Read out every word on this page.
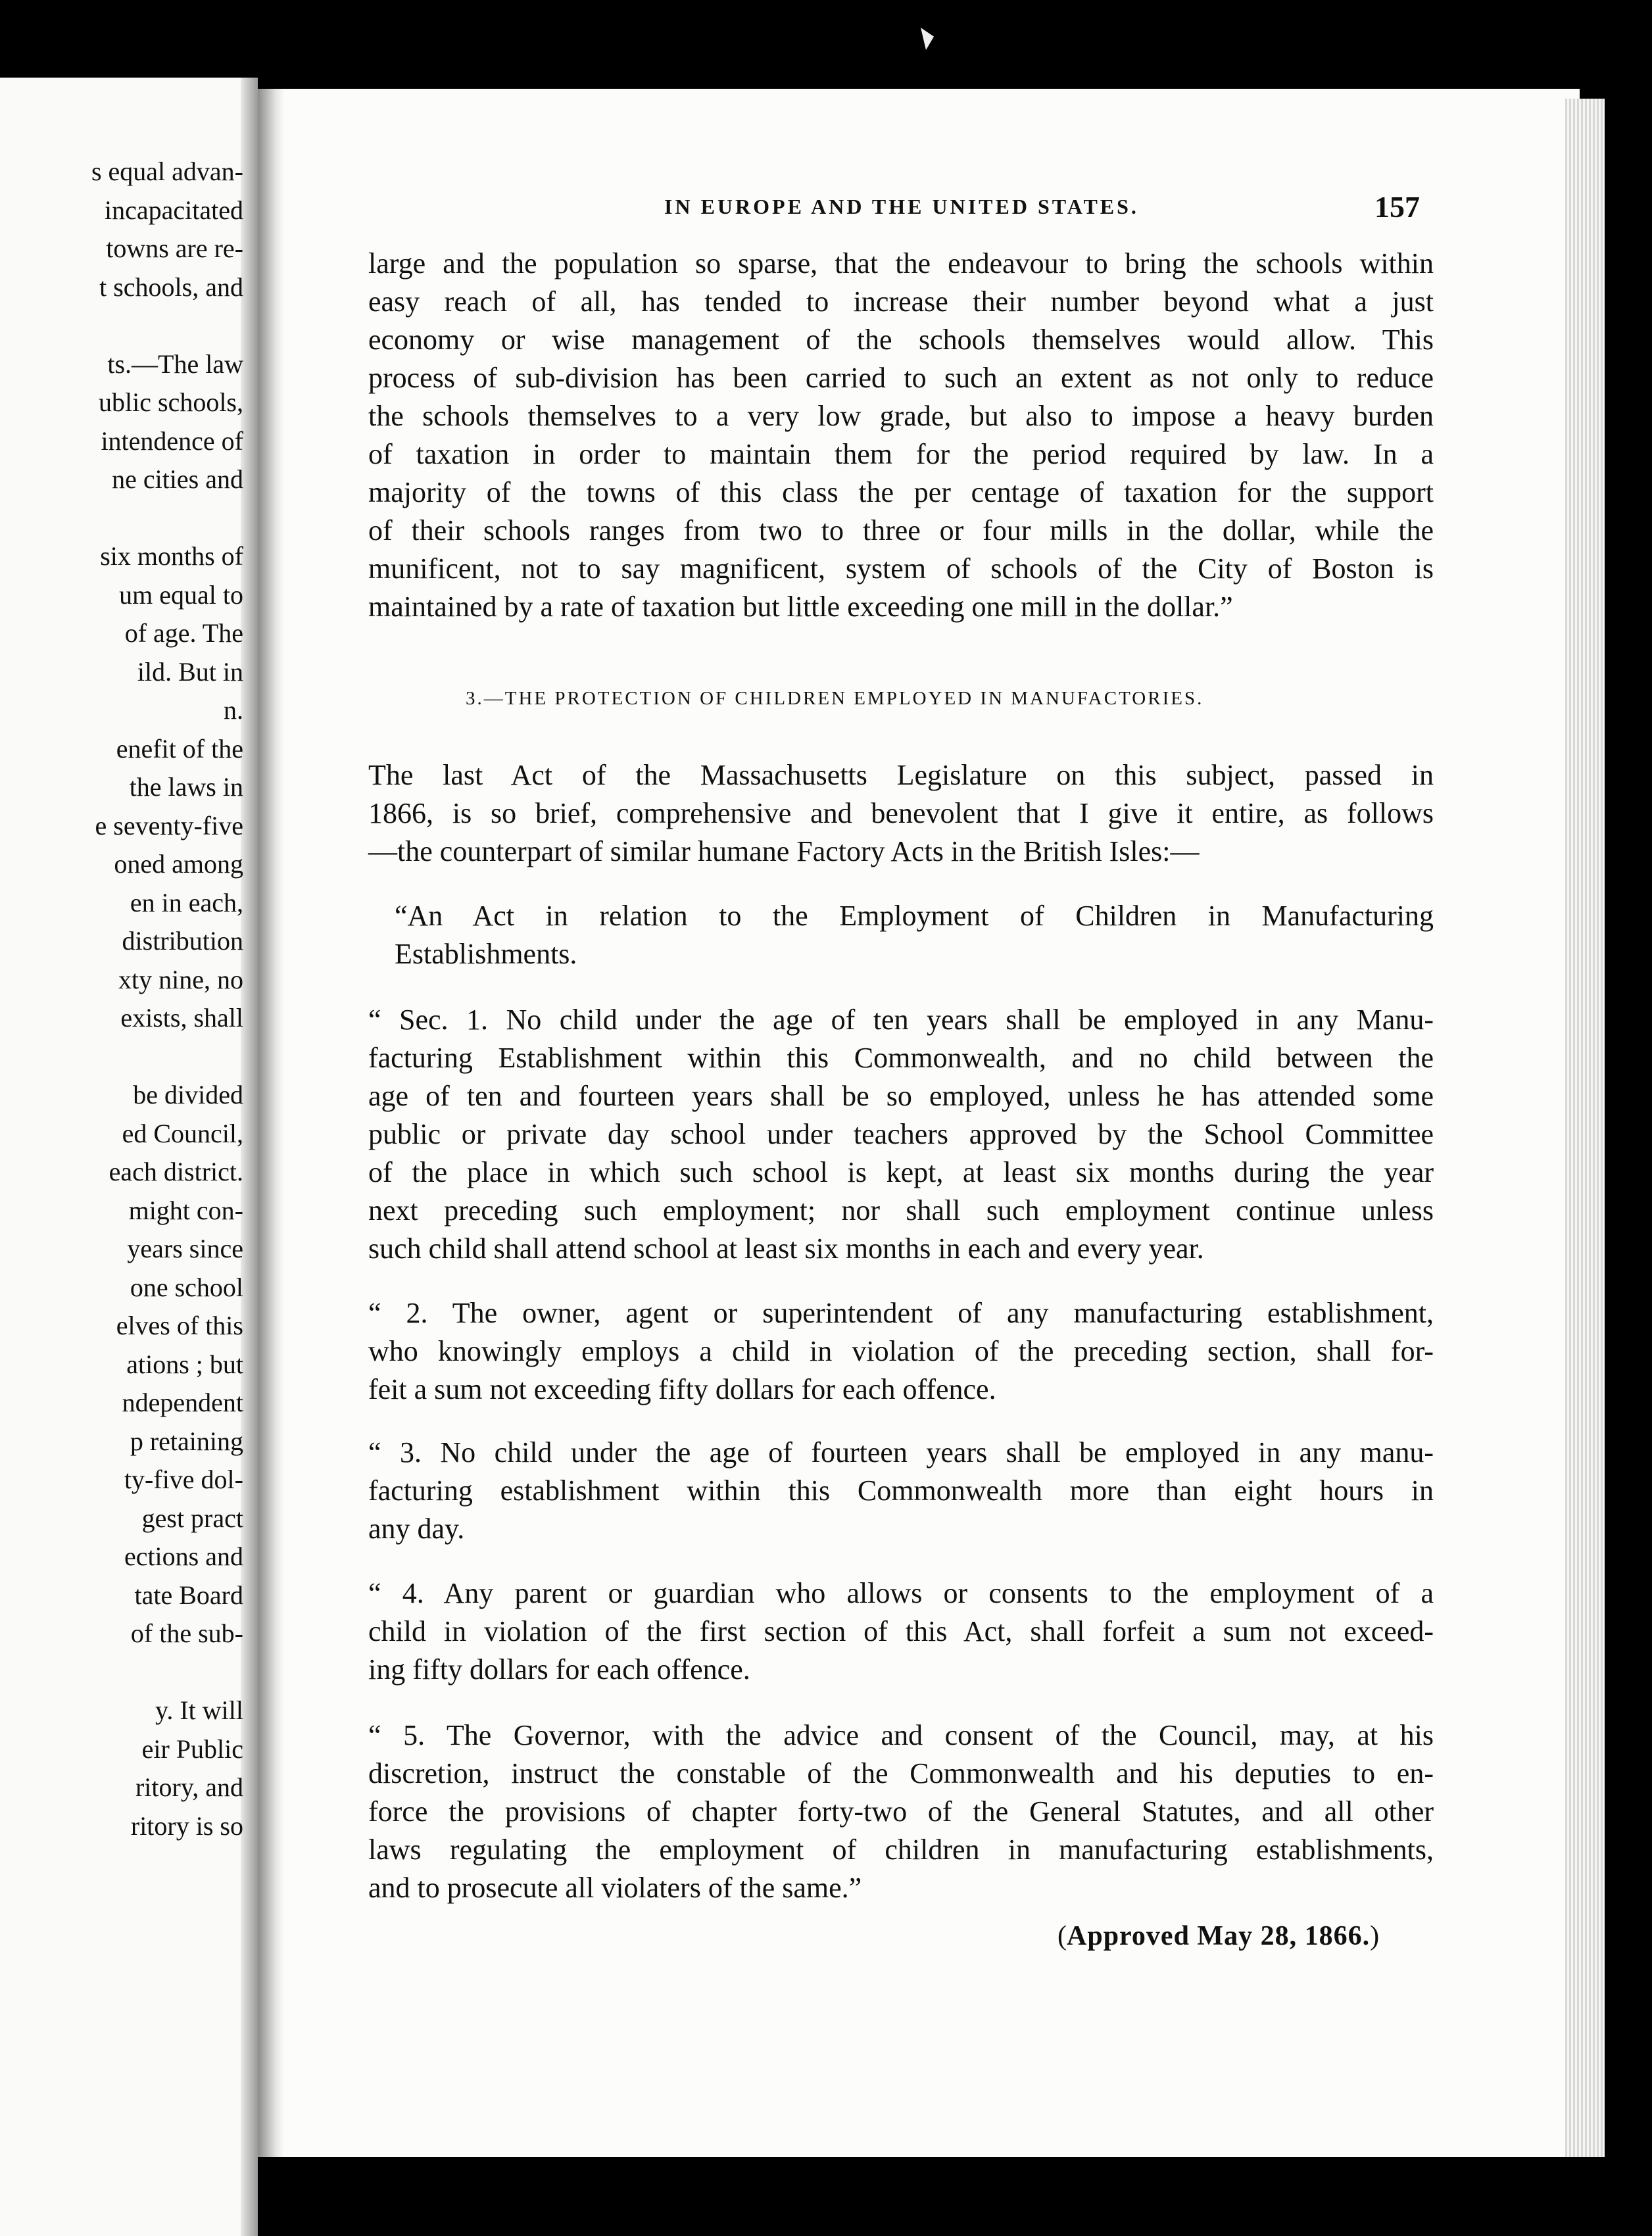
s equal advan-
incapacitated
towns are re-
t schools, and
ts.—The law
ublic schools,
intendence of
ne cities and
six months of
um equal to
of age. The
ild. But in
n.
enefit of the
the laws in
e seventy-five
oned among
en in each,
distribution
xty nine, no
exists, shall
be divided
ed Council,
each district.
might con-
years since
one school
elves of this
ations ; but
ndependent
p retaining
ty-five dol-
gest pract
ections and
tate Board
of the sub-
y. It will
eir Public
ritory, and
ritory is so
IN EUROPE AND THE UNITED STATES.	157
large and the population so sparse, that the endeavour to bring the schools within
easy reach of all, has tended to increase their number beyond what a just
economy or wise management of the schools themselves would allow. This
process of sub-division has been carried to such an extent as not only to reduce
the schools themselves to a very low grade, but also to impose a heavy burden
of taxation in order to maintain them for the period required by law. In a
majority of the towns of this class the per centage of taxation for the support
of their schools ranges from two to three or four mills in the dollar, while the
munificent, not to say magnificent, system of schools of the City of Boston is
maintained by a rate of taxation but little exceeding one mill in the dollar.”
3.—THE PROTECTION OF CHILDREN EMPLOYED IN MANUFACTORIES.
The last Act of the Massachusetts Legislature on this subject, passed in
1866, is so brief, comprehensive and benevolent that I give it entire, as follows
—the counterpart of similar humane Factory Acts in the British Isles:—
“An Act in relation to the Employment of Children in Manufacturing
Establishments.
“ Sec. 1. No child under the age of ten years shall be employed in any Manu-
facturing Establishment within this Commonwealth, and no child between the
age of ten and fourteen years shall be so employed, unless he has attended some
public or private day school under teachers approved by the School Committee
of the place in which such school is kept, at least six months during the year
next preceding such employment; nor shall such employment continue unless
such child shall attend school at least six months in each and every year.
“ 2. The owner, agent or superintendent of any manufacturing establishment,
who knowingly employs a child in violation of the preceding section, shall for-
feit a sum not exceeding fifty dollars for each offence.
“ 3. No child under the age of fourteen years shall be employed in any manu-
facturing establishment within this Commonwealth more than eight hours in
any day.
“ 4. Any parent or guardian who allows or consents to the employment of a
child in violation of the first section of this Act, shall forfeit a sum not exceed-
ing fifty dollars for each offence.
“ 5. The Governor, with the advice and consent of the Council, may, at his
discretion, instruct the constable of the Commonwealth and his deputies to en-
force the provisions of chapter forty-two of the General Statutes, and all other
laws regulating the employment of children in manufacturing establishments,
and to prosecute all violaters of the same.”
(Approved May 28, 1866.)
